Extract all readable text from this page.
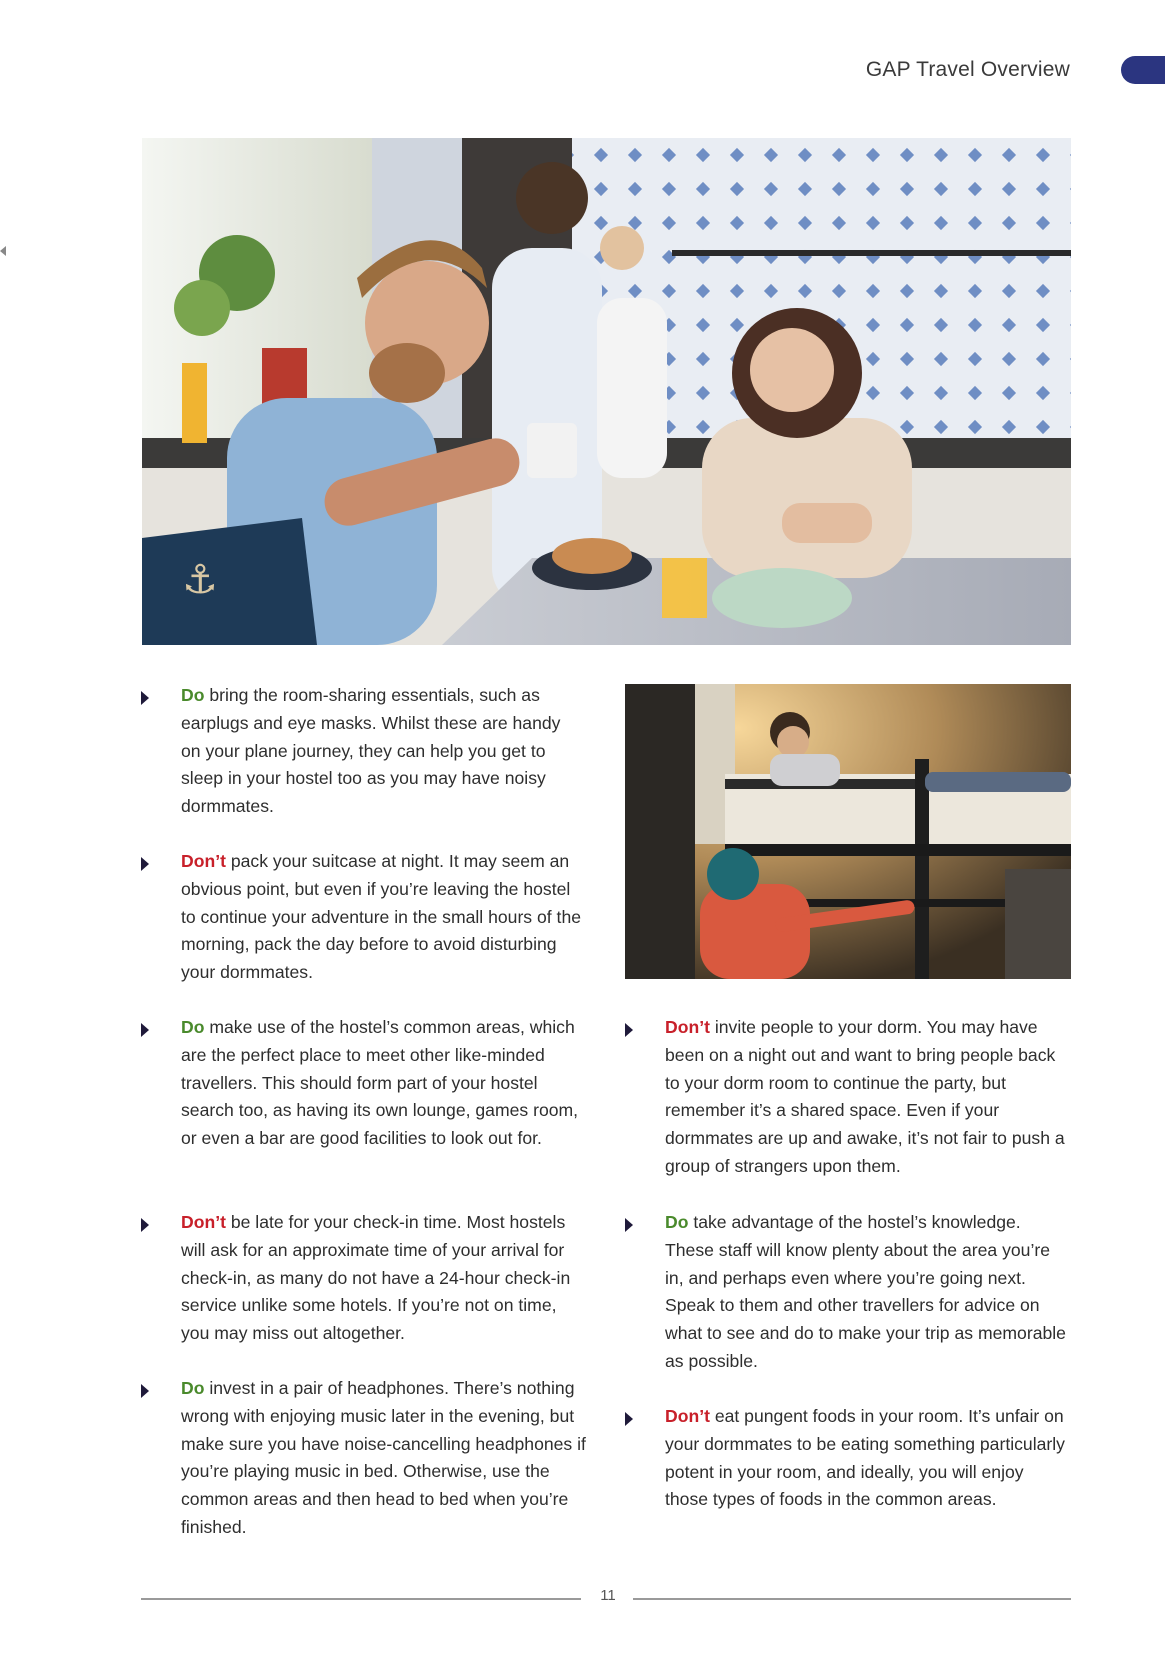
GAP Travel Overview
⚓
Do bring the room-sharing essentials, such as earplugs and eye masks. Whilst these are handy on your plane journey, they can help you get to sleep in your hostel too as you may have noisy dormmates.
Don’t pack your suitcase at night. It may seem an obvious point, but even if you’re leaving the hostel to continue your adventure in the small hours of the morning, pack the day before to avoid disturbing your dormmates.
Do make use of the hostel’s common areas, which are the perfect place to meet other like-minded travellers. This should form part of your hostel search too, as having its own lounge, games room, or even a bar are good facilities to look out for.
Don’t be late for your check-in time. Most hostels will ask for an approximate time of your arrival for check-in, as many do not have a 24-hour check-in service unlike some hotels. If you’re not on time, you may miss out altogether.
Do invest in a pair of headphones. There’s nothing wrong with enjoying music later in the evening, but make sure you have noise-cancelling headphones if you’re playing music in bed. Otherwise, use the common areas and then head to bed when you’re finished.
Don’t invite people to your dorm. You may have been on a night out and want to bring people back to your dorm room to continue the party, but remember it’s a shared space. Even if your dormmates are up and awake, it’s not fair to push a group of strangers upon them.
Do take advantage of the hostel’s knowledge. These staff will know plenty about the area you’re in, and perhaps even where you’re going next. Speak to them and other travellers for advice on what to see and do to make your trip as memorable as possible.
Don’t eat pungent foods in your room. It’s unfair on your dormmates to be eating something particularly potent in your room, and ideally, you will enjoy those types of foods in the common areas.
11
